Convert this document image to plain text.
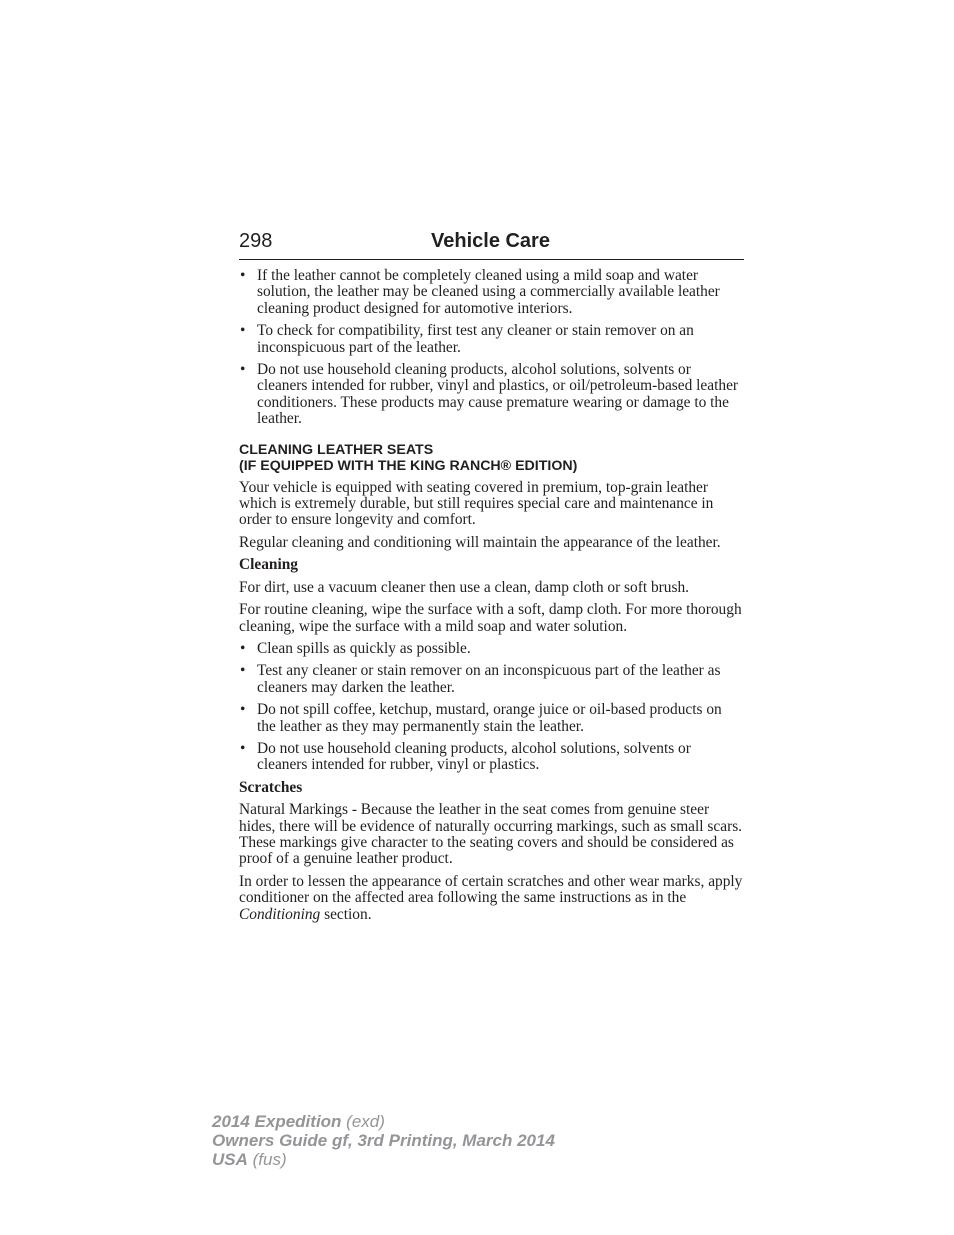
298	Vehicle Care
• If the leather cannot be completely cleaned using a mild soap and water solution, the leather may be cleaned using a commercially available leather cleaning product designed for automotive interiors.
• To check for compatibility, first test any cleaner or stain remover on an inconspicuous part of the leather.
• Do not use household cleaning products, alcohol solutions, solvents or cleaners intended for rubber, vinyl and plastics, or oil/petroleum-based leather conditioners. These products may cause premature wearing or damage to the leather.
CLEANING LEATHER SEATS
(IF EQUIPPED WITH THE KING RANCH® EDITION)

Your vehicle is equipped with seating covered in premium, top-grain leather which is extremely durable, but still requires special care and maintenance in order to ensure longevity and comfort.

Regular cleaning and conditioning will maintain the appearance of the leather.

Cleaning

For dirt, use a vacuum cleaner then use a clean, damp cloth or soft brush.

For routine cleaning, wipe the surface with a soft, damp cloth. For more thorough cleaning, wipe the surface with a mild soap and water solution.

• Clean spills as quickly as possible.
• Test any cleaner or stain remover on an inconspicuous part of the leather as cleaners may darken the leather.
• Do not spill coffee, ketchup, mustard, orange juice or oil-based products on the leather as they may permanently stain the leather.
• Do not use household cleaning products, alcohol solutions, solvents or cleaners intended for rubber, vinyl or plastics.

Scratches

Natural Markings - Because the leather in the seat comes from genuine steer hides, there will be evidence of naturally occurring markings, such as small scars. These markings give character to the seating covers and should be considered as proof of a genuine leather product.

In order to lessen the appearance of certain scratches and other wear marks, apply conditioner on the affected area following the same instructions as in the Conditioning section.

2014 Expedition (exd)
Owners Guide gf, 3rd Printing, March 2014
USA (fus)
